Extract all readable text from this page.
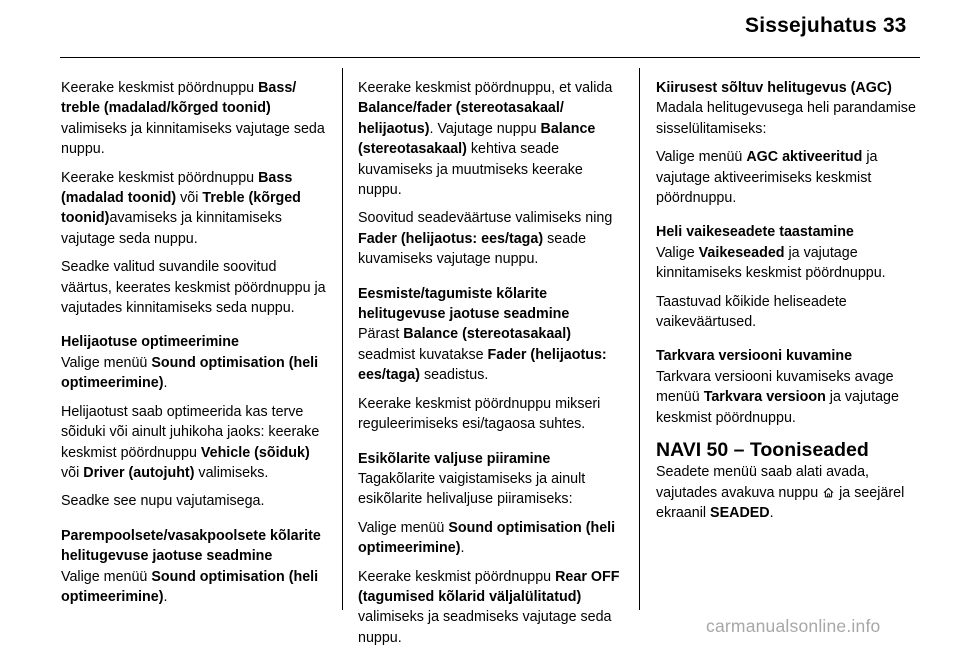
Sissejuhatus 33

Keerake keskmist pöördnuppu Bass/ treble (madalad/kõrged toonid) valimiseks ja kinnitamiseks vajutage seda nuppu.

Keerake keskmist pöördnuppu Bass (madalad toonid) või Treble (kõrged toonid)avamiseks ja kinnitamiseks vajutage seda nuppu.

Seadke valitud suvandile soovitud väärtus, keerates keskmist pöördnuppu ja vajutades kinnitamiseks seda nuppu.

Helijaotuse optimeerimine

Valige menüü Sound optimisation (heli optimeerimine).

Helijaotust saab optimeerida kas terve sõiduki või ainult juhikoha jaoks: keerake keskmist pöördnuppu Vehicle (sõiduk) või Driver (autojuht) valimiseks.

Seadke see nupu vajutamisega.

Parempoolsete/vasakpoolsete kõlarite helitugevuse jaotuse seadmine

Valige menüü Sound optimisation (heli optimeerimine).

Keerake keskmist pöördnuppu, et valida Balance/fader (stereotasakaal/ helijaotus). Vajutage nuppu Balance (stereotasakaal) kehtiva seade kuvamiseks ja muutmiseks keerake nuppu.

Soovitud seadeväärtuse valimiseks ning Fader (helijaotus: ees/taga) seade kuvamiseks vajutage nuppu.

Eesmiste/tagumiste kõlarite helitugevuse jaotuse seadmine

Pärast Balance (stereotasakaal) seadmist kuvatakse Fader (helijaotus: ees/taga) seadistus.

Keerake keskmist pöördnuppu mikseri reguleerimiseks esi/tagaosa suhtes.

Esikõlarite valjuse piiramine

Tagakõlarite vaigistamiseks ja ainult esikõlarite helivaljuse piiramiseks:

Valige menüü Sound optimisation (heli optimeerimine).

Keerake keskmist pöördnuppu Rear OFF (tagumised kõlarid väljalülitatud) valimiseks ja seadmiseks vajutage seda nuppu.

Kiirusest sõltuv helitugevus (AGC)

Madala helitugevusega heli parandamise sisselülitamiseks:

Valige menüü AGC aktiveeritud ja vajutage aktiveerimiseks keskmist pöördnuppu.

Heli vaikeseadete taastamine

Valige Vaikeseaded ja vajutage kinnitamiseks keskmist pöördnuppu.

Taastuvad kõikide heliseadete vaikeväärtused.

Tarkvara versiooni kuvamine

Tarkvara versiooni kuvamiseks avage menüü Tarkvara versioon ja vajutage keskmist pöördnuppu.

NAVI 50 – Tooniseaded

Seadete menüü saab alati avada, vajutades avakuva nuppu  ja seejärel ekraanil SEADED.

carmanualsonline.info
